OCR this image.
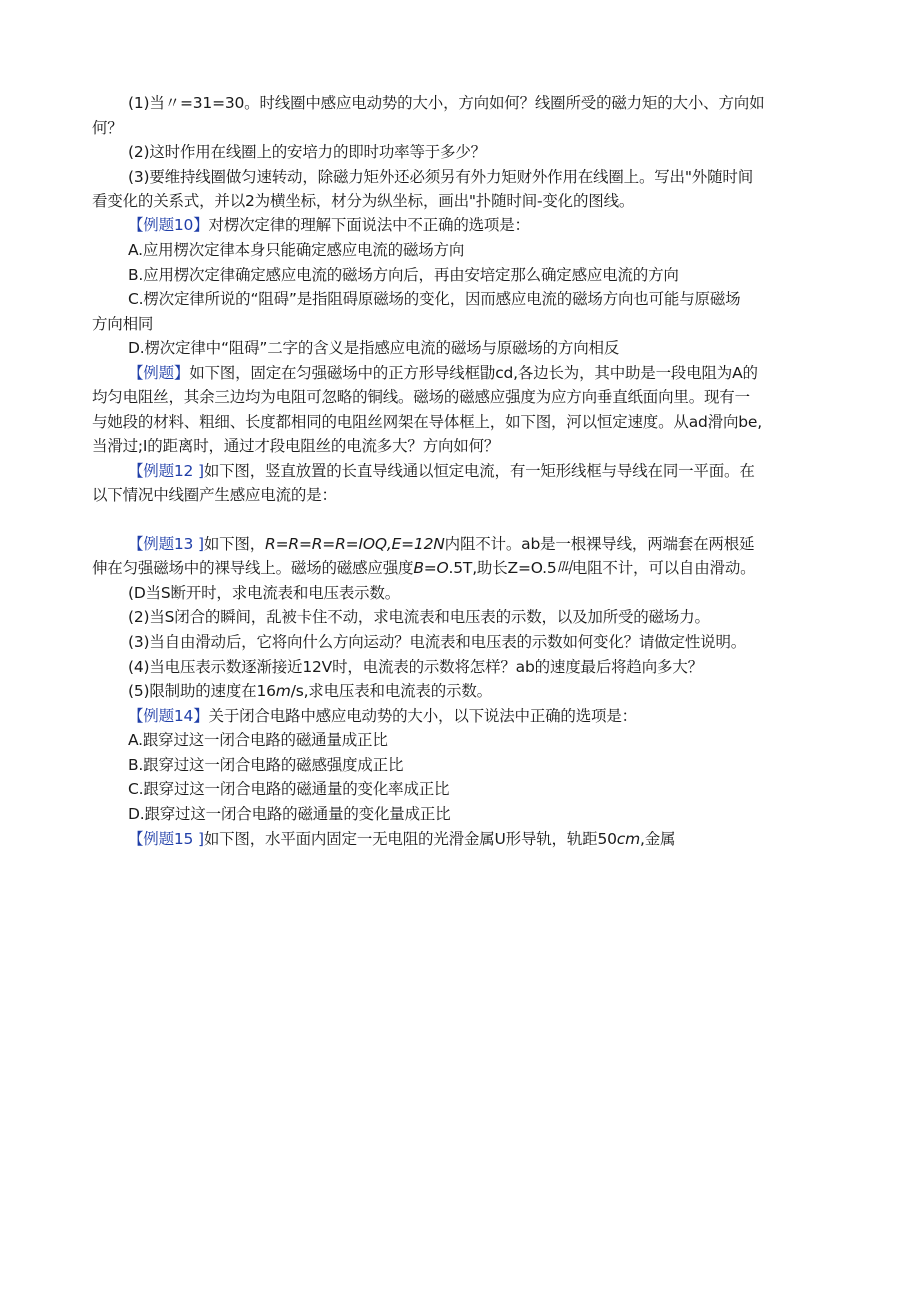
(1)当〃=31=30。时线圈中感应电动势的大小，方向如何？线圈所受的磁力矩的大小、方向如
何？
(2)这时作用在线圈上的安培力的即时功率等于多少？
(3)要维持线圈做匀速转动，除磁力矩外还必须另有外力矩财外作用在线圈上。写出"外随时间
看变化的关系式，并以2为横坐标，材分为纵坐标，画出"扑随时间-变化的图线。
【例题10】对楞次定律的理解下面说法中不正确的选项是：
A.应用楞次定律本身只能确定感应电流的磁场方向
B.应用楞次定律确定感应电流的磁场方向后，再由安培定那么确定感应电流的方向
C.楞次定律所说的“阻碍”是指阻碍原磁场的变化，因而感应电流的磁场方向也可能与原磁场
方向相同
D.楞次定律中“阻碍”二字的含义是指感应电流的磁场与原磁场的方向相反
【例题】如下图，固定在匀强磁场中的正方形导线框勖cd,各边长为，其中助是一段电阻为A的
均匀电阻丝，其余三边均为电阻可忽略的铜线。磁场的磁感应强度为应方向垂直纸面向里。现有一
与她段的材料、粗细、长度都相同的电阻丝网架在导体框上，如下图，河以恒定速度。从ad滑向be,
当滑过;I的距离时，通过才段电阻丝的电流多大？方向如何？
【例题12 ]如下图，竖直放置的长直导线通以恒定电流，有一矩形线框与导线在同一平面。在
以下情况中线圈产生感应电流的是：
【例题13 ]如下图，R=R=R=R=IOQ,E=12N内阻不计。ab是一根裸导线，两端套在两根延
伸在匀强磁场中的裸导线上。磁场的磁感应强度B=O.5T,助长Z=O.5叫电阻不计，可以自由滑动。
(D当S断开时，求电流表和电压表示数。
(2)当S闭合的瞬间，乱被卡住不动，求电流表和电压表的示数，以及加所受的磁场力。
(3)当自由滑动后，它将向什么方向运动？电流表和电压表的示数如何变化？请做定性说明。
(4)当电压表示数逐渐接近12V时，电流表的示数将怎样？ab的速度最后将趋向多大？
(5)限制助的速度在16m/s,求电压表和电流表的示数。
【例题14】关于闭合电路中感应电动势的大小，以下说法中正确的选项是：
A.跟穿过这一闭合电路的磁通量成正比
B.跟穿过这一闭合电路的磁感强度成正比
C.跟穿过这一闭合电路的磁通量的变化率成正比
D.跟穿过这一闭合电路的磁通量的变化量成正比
【例题15 ]如下图，水平面内固定一无电阻的光滑金属U形导轨，轨距50cm,金属
